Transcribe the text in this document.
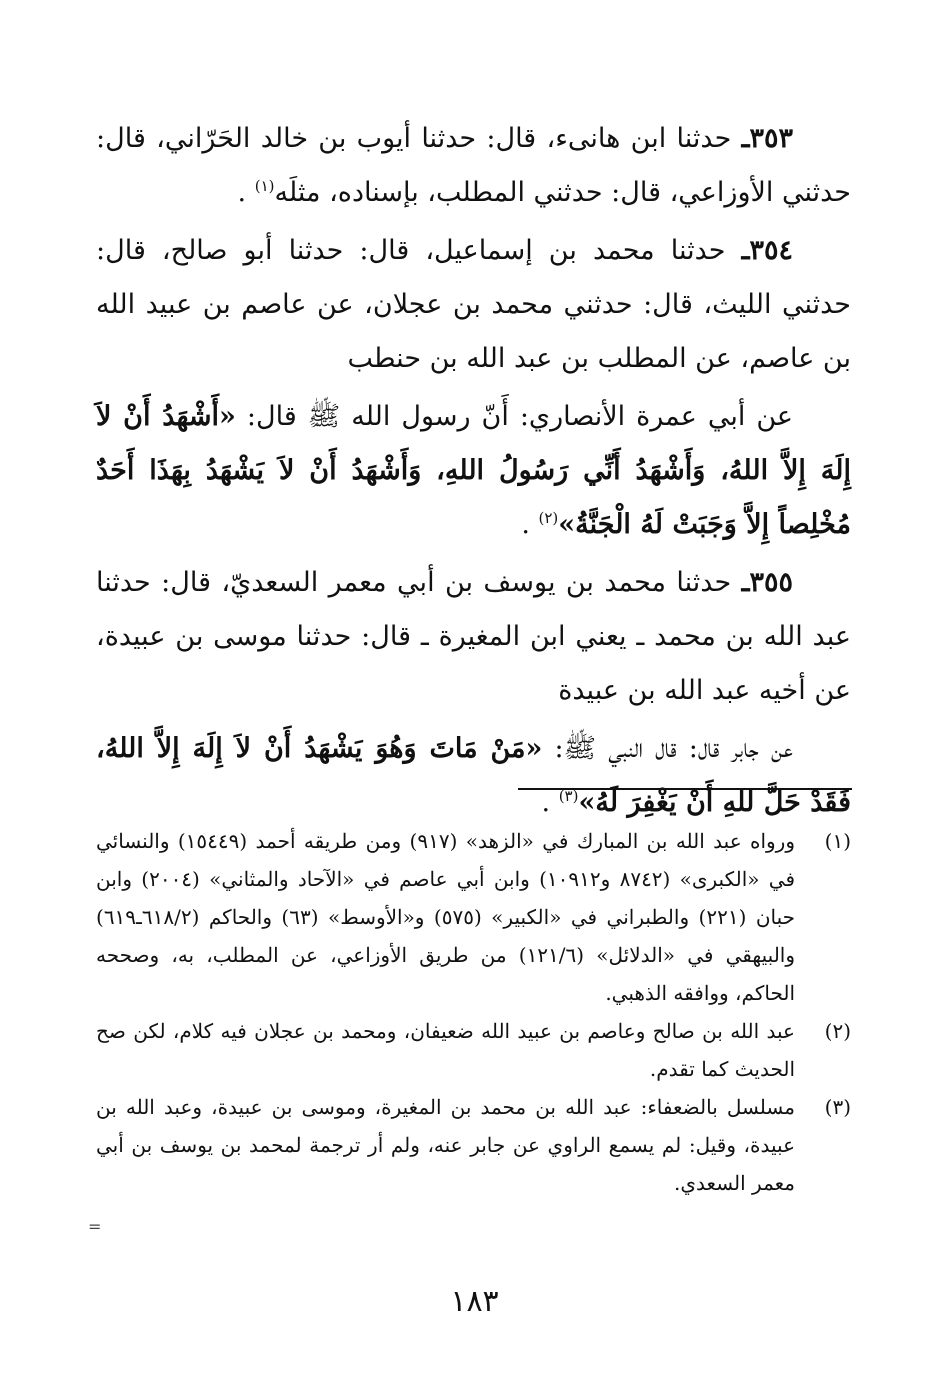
٣٥٣ـ حدثنا ابن هانىء، قال: حدثنا أيوب بن خالد الحَرّاني، قال: حدثني الأوزاعي، قال: حدثني المطلب، بإسناده، مثلَه$^{(١)}$ .

٣٥٤ـ حدثنا محمد بن إسماعيل، قال: حدثنا أبو صالح، قال: حدثني الليث، قال: حدثني محمد بن عجلان، عن عاصم بن عبيد الله بن عاصم، عن المطلب بن عبد الله بن حنطب

عن أبي عمرة الأنصاري: أَنّ رسول الله ﷺ قال: «أَشْهَدُ أَنْ لاَ إِلَهَ إِلاَّ اللهُ، وَأَشْهَدُ أَنِّي رَسُولُ اللهِ، وَأَشْهَدُ أَنْ لاَ يَشْهَدُ بِهَذَا أَحَدٌ مُخْلِصاً إِلاَّ وَجَبَتْ لَهُ الْجَنَّةُ»$^{(٢)}$ .

٣٥٥ـ حدثنا محمد بن يوسف بن أبي معمر السعديّ، قال: حدثنا عبد الله بن محمد ـ يعني ابن المغيرة ـ قال: حدثنا موسى بن عبيدة، عن أخيه عبد الله بن عبيدة

عن جابر قال: قال النبي ﷺ: «مَنْ مَاتَ وَهُوَ يَشْهَدُ أَنْ لاَ إِلَهَ إِلاَّ اللهُ، فَقَدْ حَلَّ للهِ أَنْ يَغْفِرَ لَهُ»$^{(٣)}$ .

(١)
ورواه عبد الله بن المبارك في «الزهد» (٩١٧) ومن طريقه أحمد (١٥٤٤٩) والنسائي في «الكبرى» (٨٧٤٢ و١٠٩١٢) وابن أبي عاصم في «الآحاد والمثاني» (٢٠٠٤) وابن حبان (٢٢١) والطبراني في «الكبير» (٥٧٥) و«الأوسط» (٦٣) والحاكم (٦١٨/٢ـ٦١٩) والبيهقي في «الدلائل» (١٢١/٦) من طريق الأوزاعي، عن المطلب، به، وصححه الحاكم، ووافقه الذهبي.
(٢)
عبد الله بن صالح وعاصم بن عبيد الله ضعيفان، ومحمد بن عجلان فيه كلام، لكن صح الحديث كما تقدم.
(٣)
مسلسل بالضعفاء: عبد الله بن محمد بن المغيرة، وموسى بن عبيدة، وعبد الله بن عبيدة، وقيل: لم يسمع الراوي عن جابر عنه، ولم أر ترجمة لمحمد بن يوسف بن أبي معمر السعدي.
=
١٨٣
